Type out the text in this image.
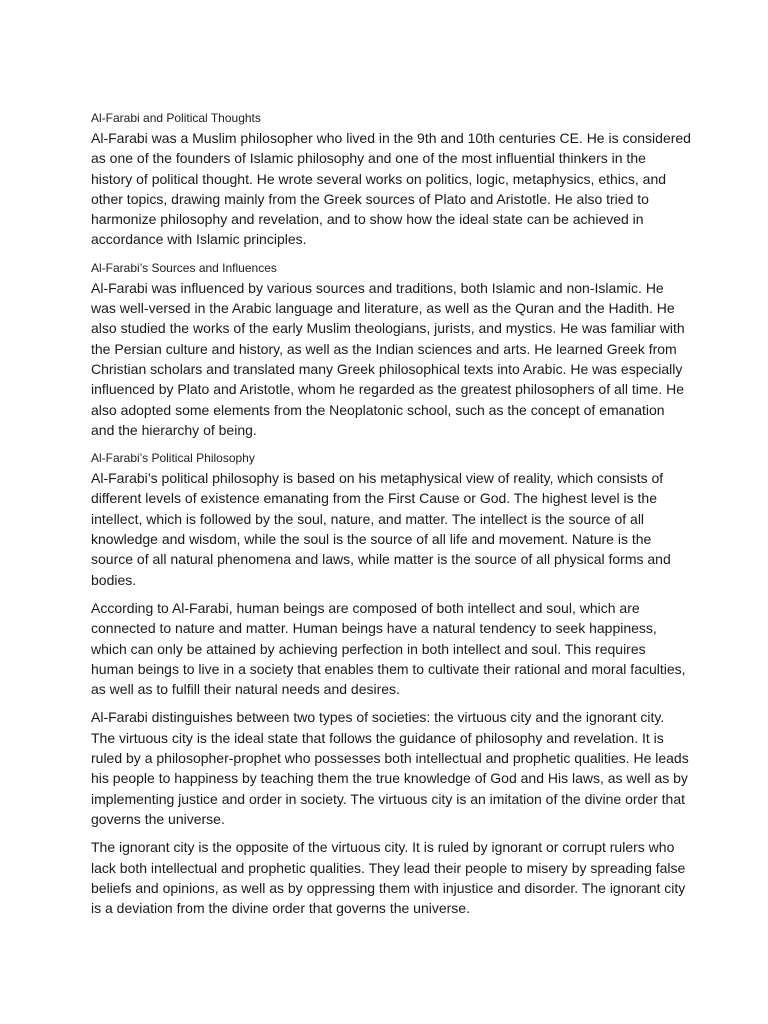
Al-Farabi and Political Thoughts

Al-Farabi was a Muslim philosopher who lived in the 9th and 10th centuries CE. He is considered as one of the founders of Islamic philosophy and one of the most influential thinkers in the history of political thought. He wrote several works on politics, logic, metaphysics, ethics, and other topics, drawing mainly from the Greek sources of Plato and Aristotle. He also tried to harmonize philosophy and revelation, and to show how the ideal state can be achieved in accordance with Islamic principles.

Al-Farabi’s Sources and Influences

Al-Farabi was influenced by various sources and traditions, both Islamic and non-Islamic. He was well-versed in the Arabic language and literature, as well as the Quran and the Hadith. He also studied the works of the early Muslim theologians, jurists, and mystics. He was familiar with the Persian culture and history, as well as the Indian sciences and arts. He learned Greek from Christian scholars and translated many Greek philosophical texts into Arabic. He was especially influenced by Plato and Aristotle, whom he regarded as the greatest philosophers of all time. He also adopted some elements from the Neoplatonic school, such as the concept of emanation and the hierarchy of being.

Al-Farabi’s Political Philosophy

Al-Farabi’s political philosophy is based on his metaphysical view of reality, which consists of different levels of existence emanating from the First Cause or God. The highest level is the intellect, which is followed by the soul, nature, and matter. The intellect is the source of all knowledge and wisdom, while the soul is the source of all life and movement. Nature is the source of all natural phenomena and laws, while matter is the source of all physical forms and bodies.

According to Al-Farabi, human beings are composed of both intellect and soul, which are connected to nature and matter. Human beings have a natural tendency to seek happiness, which can only be attained by achieving perfection in both intellect and soul. This requires human beings to live in a society that enables them to cultivate their rational and moral faculties, as well as to fulfill their natural needs and desires.

Al-Farabi distinguishes between two types of societies: the virtuous city and the ignorant city. The virtuous city is the ideal state that follows the guidance of philosophy and revelation. It is ruled by a philosopher-prophet who possesses both intellectual and prophetic qualities. He leads his people to happiness by teaching them the true knowledge of God and His laws, as well as by implementing justice and order in society. The virtuous city is an imitation of the divine order that governs the universe.

The ignorant city is the opposite of the virtuous city. It is ruled by ignorant or corrupt rulers who lack both intellectual and prophetic qualities. They lead their people to misery by spreading false beliefs and opinions, as well as by oppressing them with injustice and disorder. The ignorant city is a deviation from the divine order that governs the universe.
